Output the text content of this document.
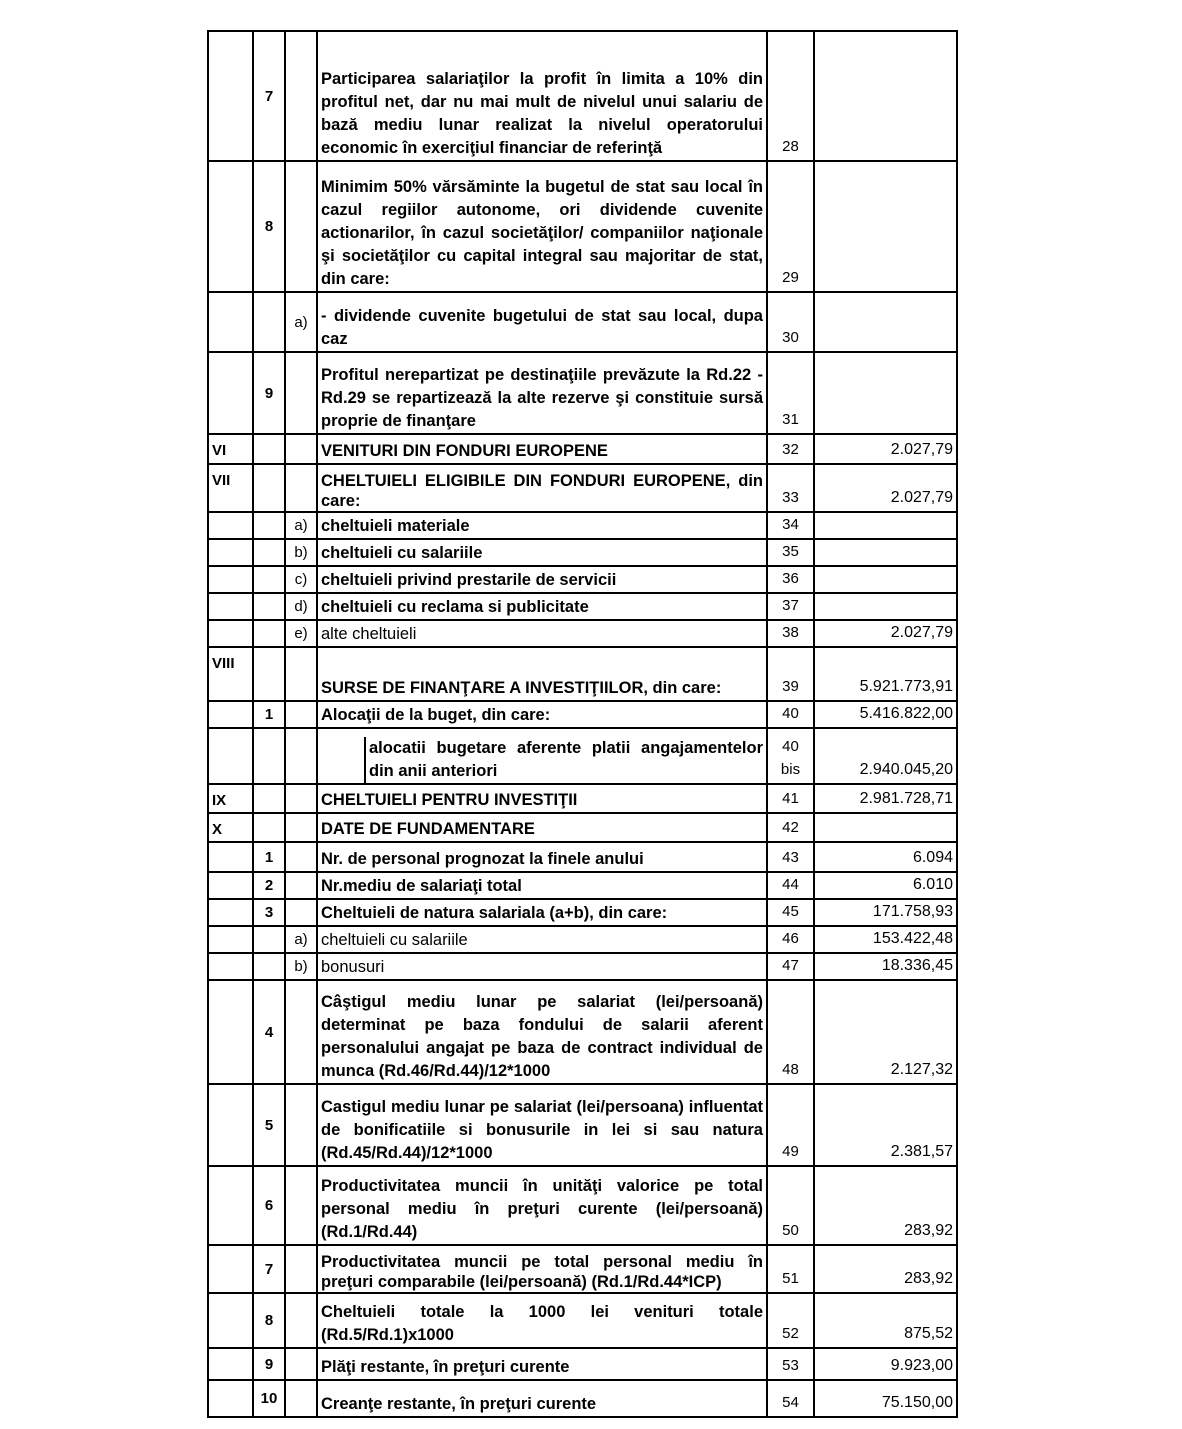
	7		Participarea salariaţilor la profit în limita a 10% din profitul net, dar nu mai mult de nivelul unui salariu de bază mediu lunar realizat la nivelul operatorului economic în exerciţiul financiar de referinţă	28	
	8		Minimim 50% vărsăminte la bugetul de stat sau local în cazul regiilor autonome, ori dividende cuvenite actionarilor, în cazul societăţilor/ companiilor naţionale şi societăţilor cu capital integral sau majoritar de stat, din care:	29	
		a)	- dividende cuvenite bugetului de stat sau local, dupa caz	30	
	9		Profitul nerepartizat pe destinaţiile prevăzute la Rd.22 - Rd.29 se repartizează la alte rezerve şi constituie sursă proprie de finanţare	31	
VI			VENITURI DIN FONDURI EUROPENE	32	2.027,79
VII			CHELTUIELI ELIGIBILE DIN FONDURI EUROPENE, din care:	33	2.027,79
		a)	cheltuieli materiale	34	
		b)	cheltuieli cu salariile	35	
		c)	cheltuieli privind prestarile de servicii	36	
		d)	cheltuieli cu reclama si publicitate	37	
		e)	alte cheltuieli	38	2.027,79
VIII			SURSE DE FINANŢARE A INVESTIŢIILOR, din care:	39	5.921.773,91
	1		Alocaţii de la buget, din care:	40	5.416.822,00

			alocatii bugetare aferente platii angajamentelor din anii anteriori	40 bis	2.940.045,20
IX			CHELTUIELI PENTRU INVESTIŢII	41	2.981.728,71
X			DATE DE FUNDAMENTARE	42	
	1		Nr. de personal prognozat la finele anului	43	6.094
	2		Nr.mediu de salariaţi total	44	6.010
	3		Cheltuieli de natura salariala (a+b), din care:	45	171.758,93
		a)	cheltuieli cu salariile	46	153.422,48
		b)	bonusuri	47	18.336,45
	4		Câştigul mediu lunar pe salariat (lei/persoană) determinat pe baza fondului de salarii aferent personalului angajat pe baza de contract individual de munca (Rd.46/Rd.44)/12*1000	48	2.127,32
	5		Castigul mediu lunar pe salariat (lei/persoana) influentat de bonificatiile si bonusurile in lei si sau natura (Rd.45/Rd.44)/12*1000	49	2.381,57
	6		Productivitatea muncii în unităţi valorice pe total personal mediu în preţuri curente (lei/persoană) (Rd.1/Rd.44)	50	283,92
	7		Productivitatea muncii pe total personal mediu în preţuri comparabile (lei/persoană) (Rd.1/Rd.44*ICP)	51	283,92
	8		Cheltuieli totale la 1000 lei venituri totale (Rd.5/Rd.1)x1000	52	875,52
	9		Plăţi restante, în preţuri curente	53	9.923,00
	10		Creanţe restante, în preţuri curente	54	75.150,00
